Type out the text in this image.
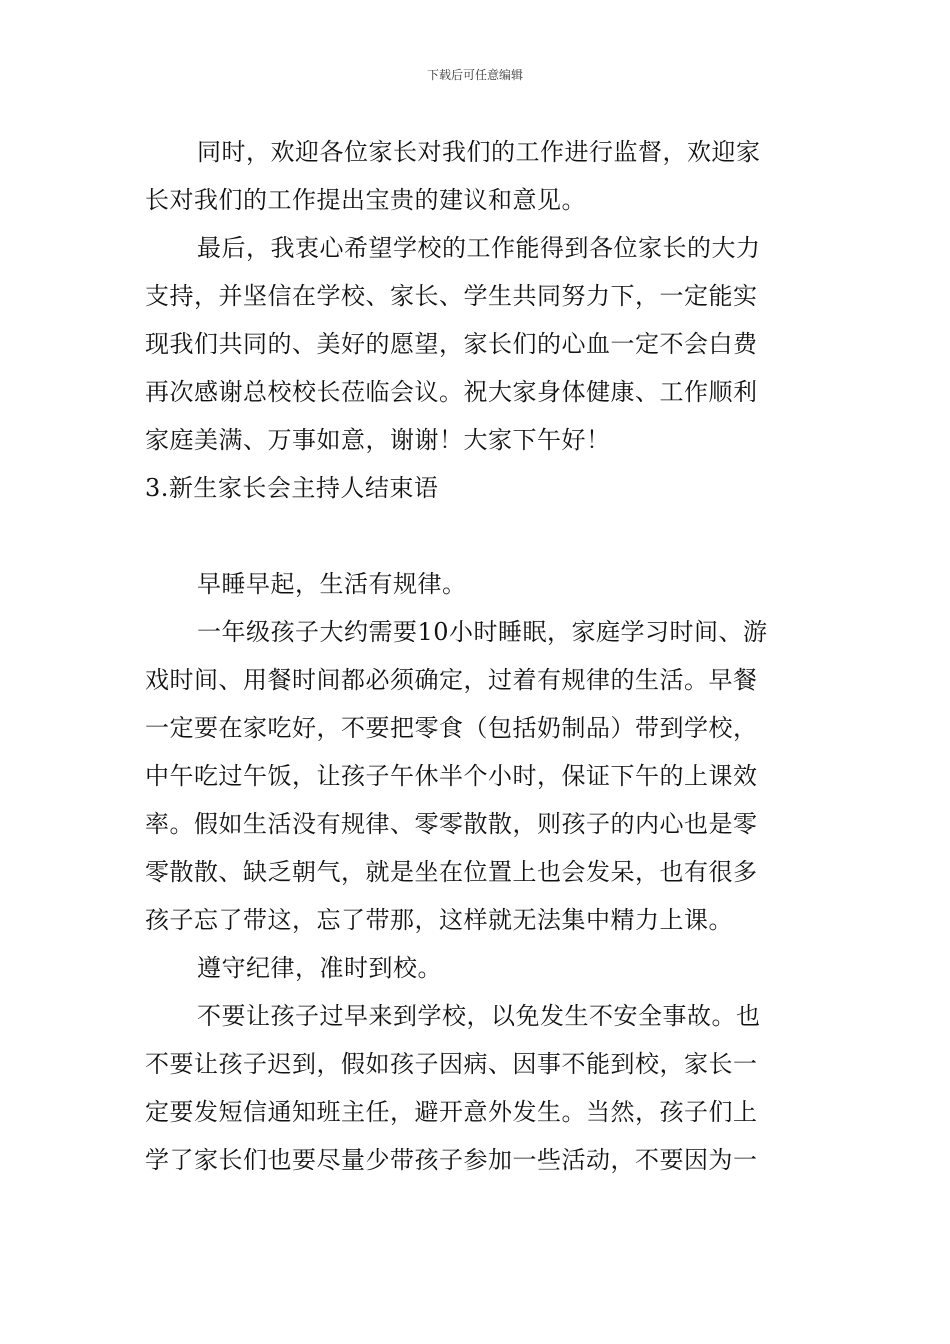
下载后可任意编辑
同时，欢迎各位家长对我们的工作进行监督，欢迎家
长对我们的工作提出宝贵的建议和意见。
最后，我衷心希望学校的工作能得到各位家长的大力
支持，并坚信在学校、家长、学生共同努力下，一定能实
现我们共同的、美好的愿望，家长们的心血一定不会白费
再次感谢总校校长莅临会议。祝大家身体健康、工作顺利
家庭美满、万事如意，谢谢！大家下午好！
3.新生家长会主持人结束语
早睡早起，生活有规律。
一年级孩子大约需要10小时睡眠，家庭学习时间、游
戏时间、用餐时间都必须确定，过着有规律的生活。早餐
一定要在家吃好，不要把零食（包括奶制品）带到学校，
中午吃过午饭，让孩子午休半个小时，保证下午的上课效
率。假如生活没有规律、零零散散，则孩子的内心也是零
零散散、缺乏朝气，就是坐在位置上也会发呆，也有很多
孩子忘了带这，忘了带那，这样就无法集中精力上课。
遵守纪律，准时到校。
不要让孩子过早来到学校，以免发生不安全事故。也
不要让孩子迟到，假如孩子因病、因事不能到校，家长一
定要发短信通知班主任，避开意外发生。当然，孩子们上
学了家长们也要尽量少带孩子参加一些活动，不要因为一
